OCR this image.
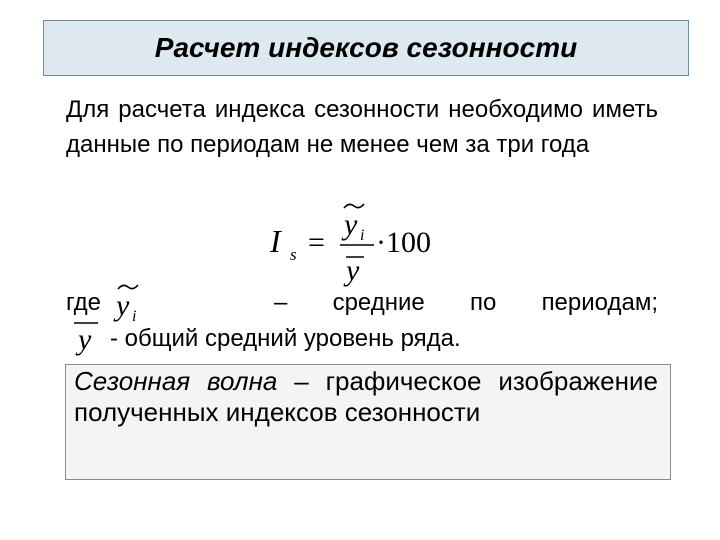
Расчет индексов сезонности
Для расчета индекса сезонности необходимо иметь данные по периодам не менее чем за три года
I s =
y i
y
·100
где y i
– средние по периодам;
y - общий средний уровень ряда.
Сезонная волна – графическое изображение полученных индексов сезонности
